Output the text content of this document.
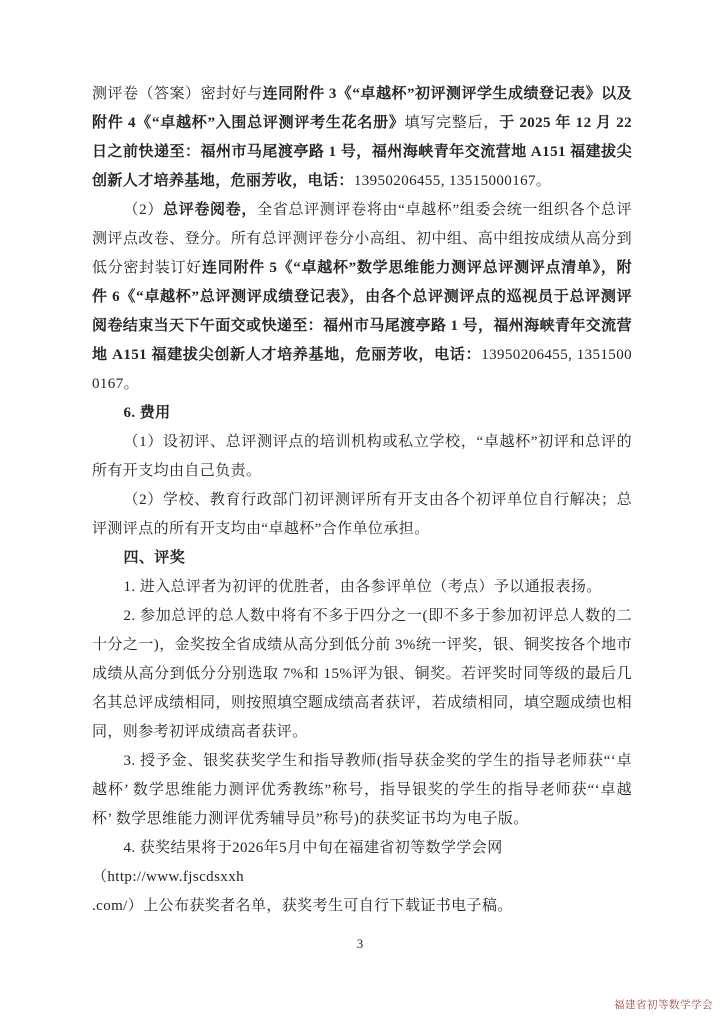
测评卷（答案）密封好与连同附件 3《“卓越杯”初评测评学生成绩登记表》以及附件 4《“卓越杯”入围总评测评考生花名册》填写完整后，于 2025 年 12 月 22 日之前快递至：福州市马尾渡亭路 1 号，福州海峡青年交流营地 A151 福建拔尖创新人才培养基地，危丽芳收，电话：13950206455, 13515000167。

（2）总评卷阅卷，全省总评测评卷将由“卓越杯”组委会统一组织各个总评测评点改卷、登分。所有总评测评卷分小高组、初中组、高中组按成绩从高分到低分密封装订好连同附件 5《“卓越杯”数学思维能力测评总评测评点清单》，附件 6《“卓越杯”总评测评成绩登记表》，由各个总评测评点的巡视员于总评测评阅卷结束当天下午面交或快递至：福州市马尾渡亭路 1 号，福州海峡青年交流营地 A151 福建拔尖创新人才培养基地，危丽芳收，电话：13950206455, 13515000167。

6. 费用

（1）设初评、总评测评点的培训机构或私立学校，“卓越杯”初评和总评的所有开支均由自己负责。

（2）学校、教育行政部门初评测评所有开支由各个初评单位自行解决；总评测评点的所有开支均由“卓越杯”合作单位承担。

四、评奖

1. 进入总评者为初评的优胜者，由各参评单位（考点）予以通报表扬。

2. 参加总评的总人数中将有不多于四分之一(即不多于参加初评总人数的二十分之一)，金奖按全省成绩从高分到低分前 3%统一评奖，银、铜奖按各个地市成绩从高分到低分分别选取 7%和 15%评为银、铜奖。若评奖时同等级的最后几名其总评成绩相同，则按照填空题成绩高者获评，若成绩相同，填空题成绩也相同，则参考初评成绩高者获评。

3. 授予金、银奖获奖学生和指导教师(指导获金奖的学生的指导老师获“‘卓越杯’ 数学思维能力测评优秀教练”称号，指导银奖的学生的指导老师获“‘卓越杯’ 数学思维能力测评优秀辅导员”称号)的获奖证书均为电子版。

4. 获奖结果将于2026年5月中旬在福建省初等数学学会网

（http://www.fjscdsxxh

.com/）上公布获奖者名单，获奖考生可自行下载证书电子稿。

3
福建省初等数学学会
